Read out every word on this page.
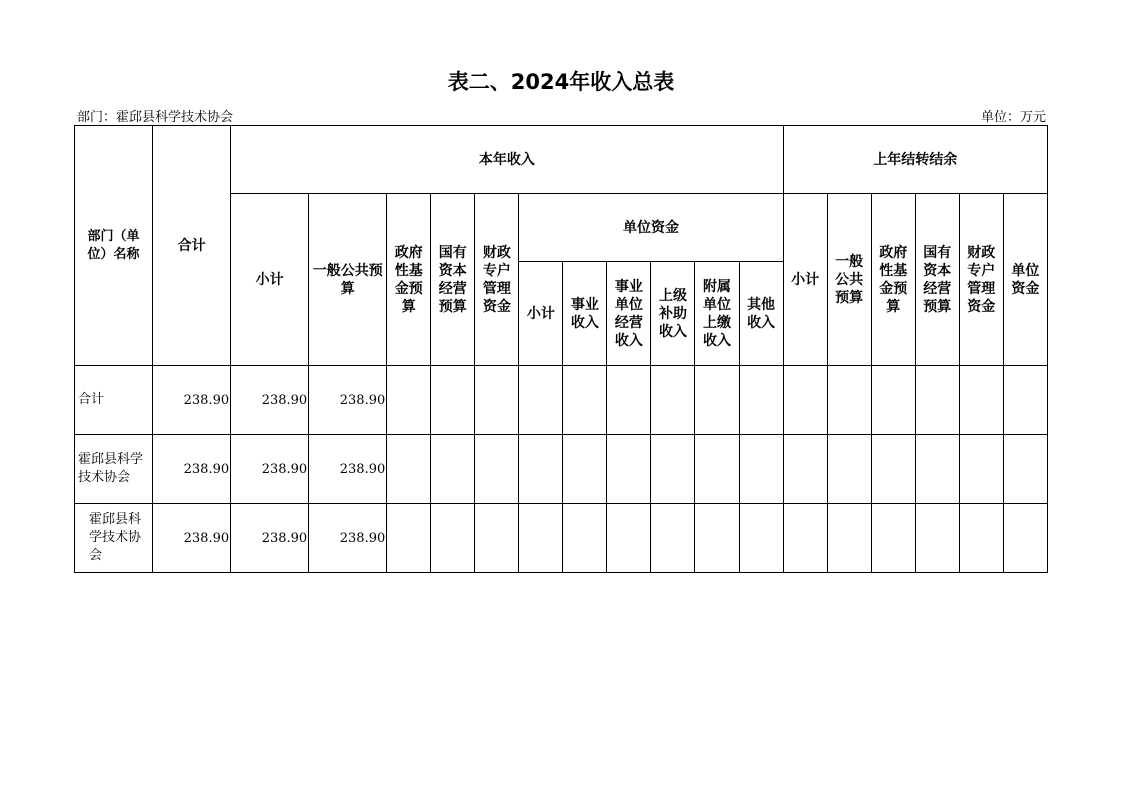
表二、2024年收入总表
部门：霍邱县科学技术协会	单位：万元
部门（单位）名称	合计	本年收入											上年结转结余					
		小计	一般公共预算	政府性基金预算	国有资本经营预算	财政专户管理资金	单位资金						小计	一般公共预算	政府性基金预算	国有资本经营预算	财政专户管理资金	单位资金
							小计	事业收入	事业单位经营收入	上级补助收入	附属单位上缴收入	其他收入						
合计	238.90	238.90	238.90															
霍邱县科学技术协会	238.90	238.90	238.90															
霍邱县科学技术协会	238.90	238.90	238.90															
